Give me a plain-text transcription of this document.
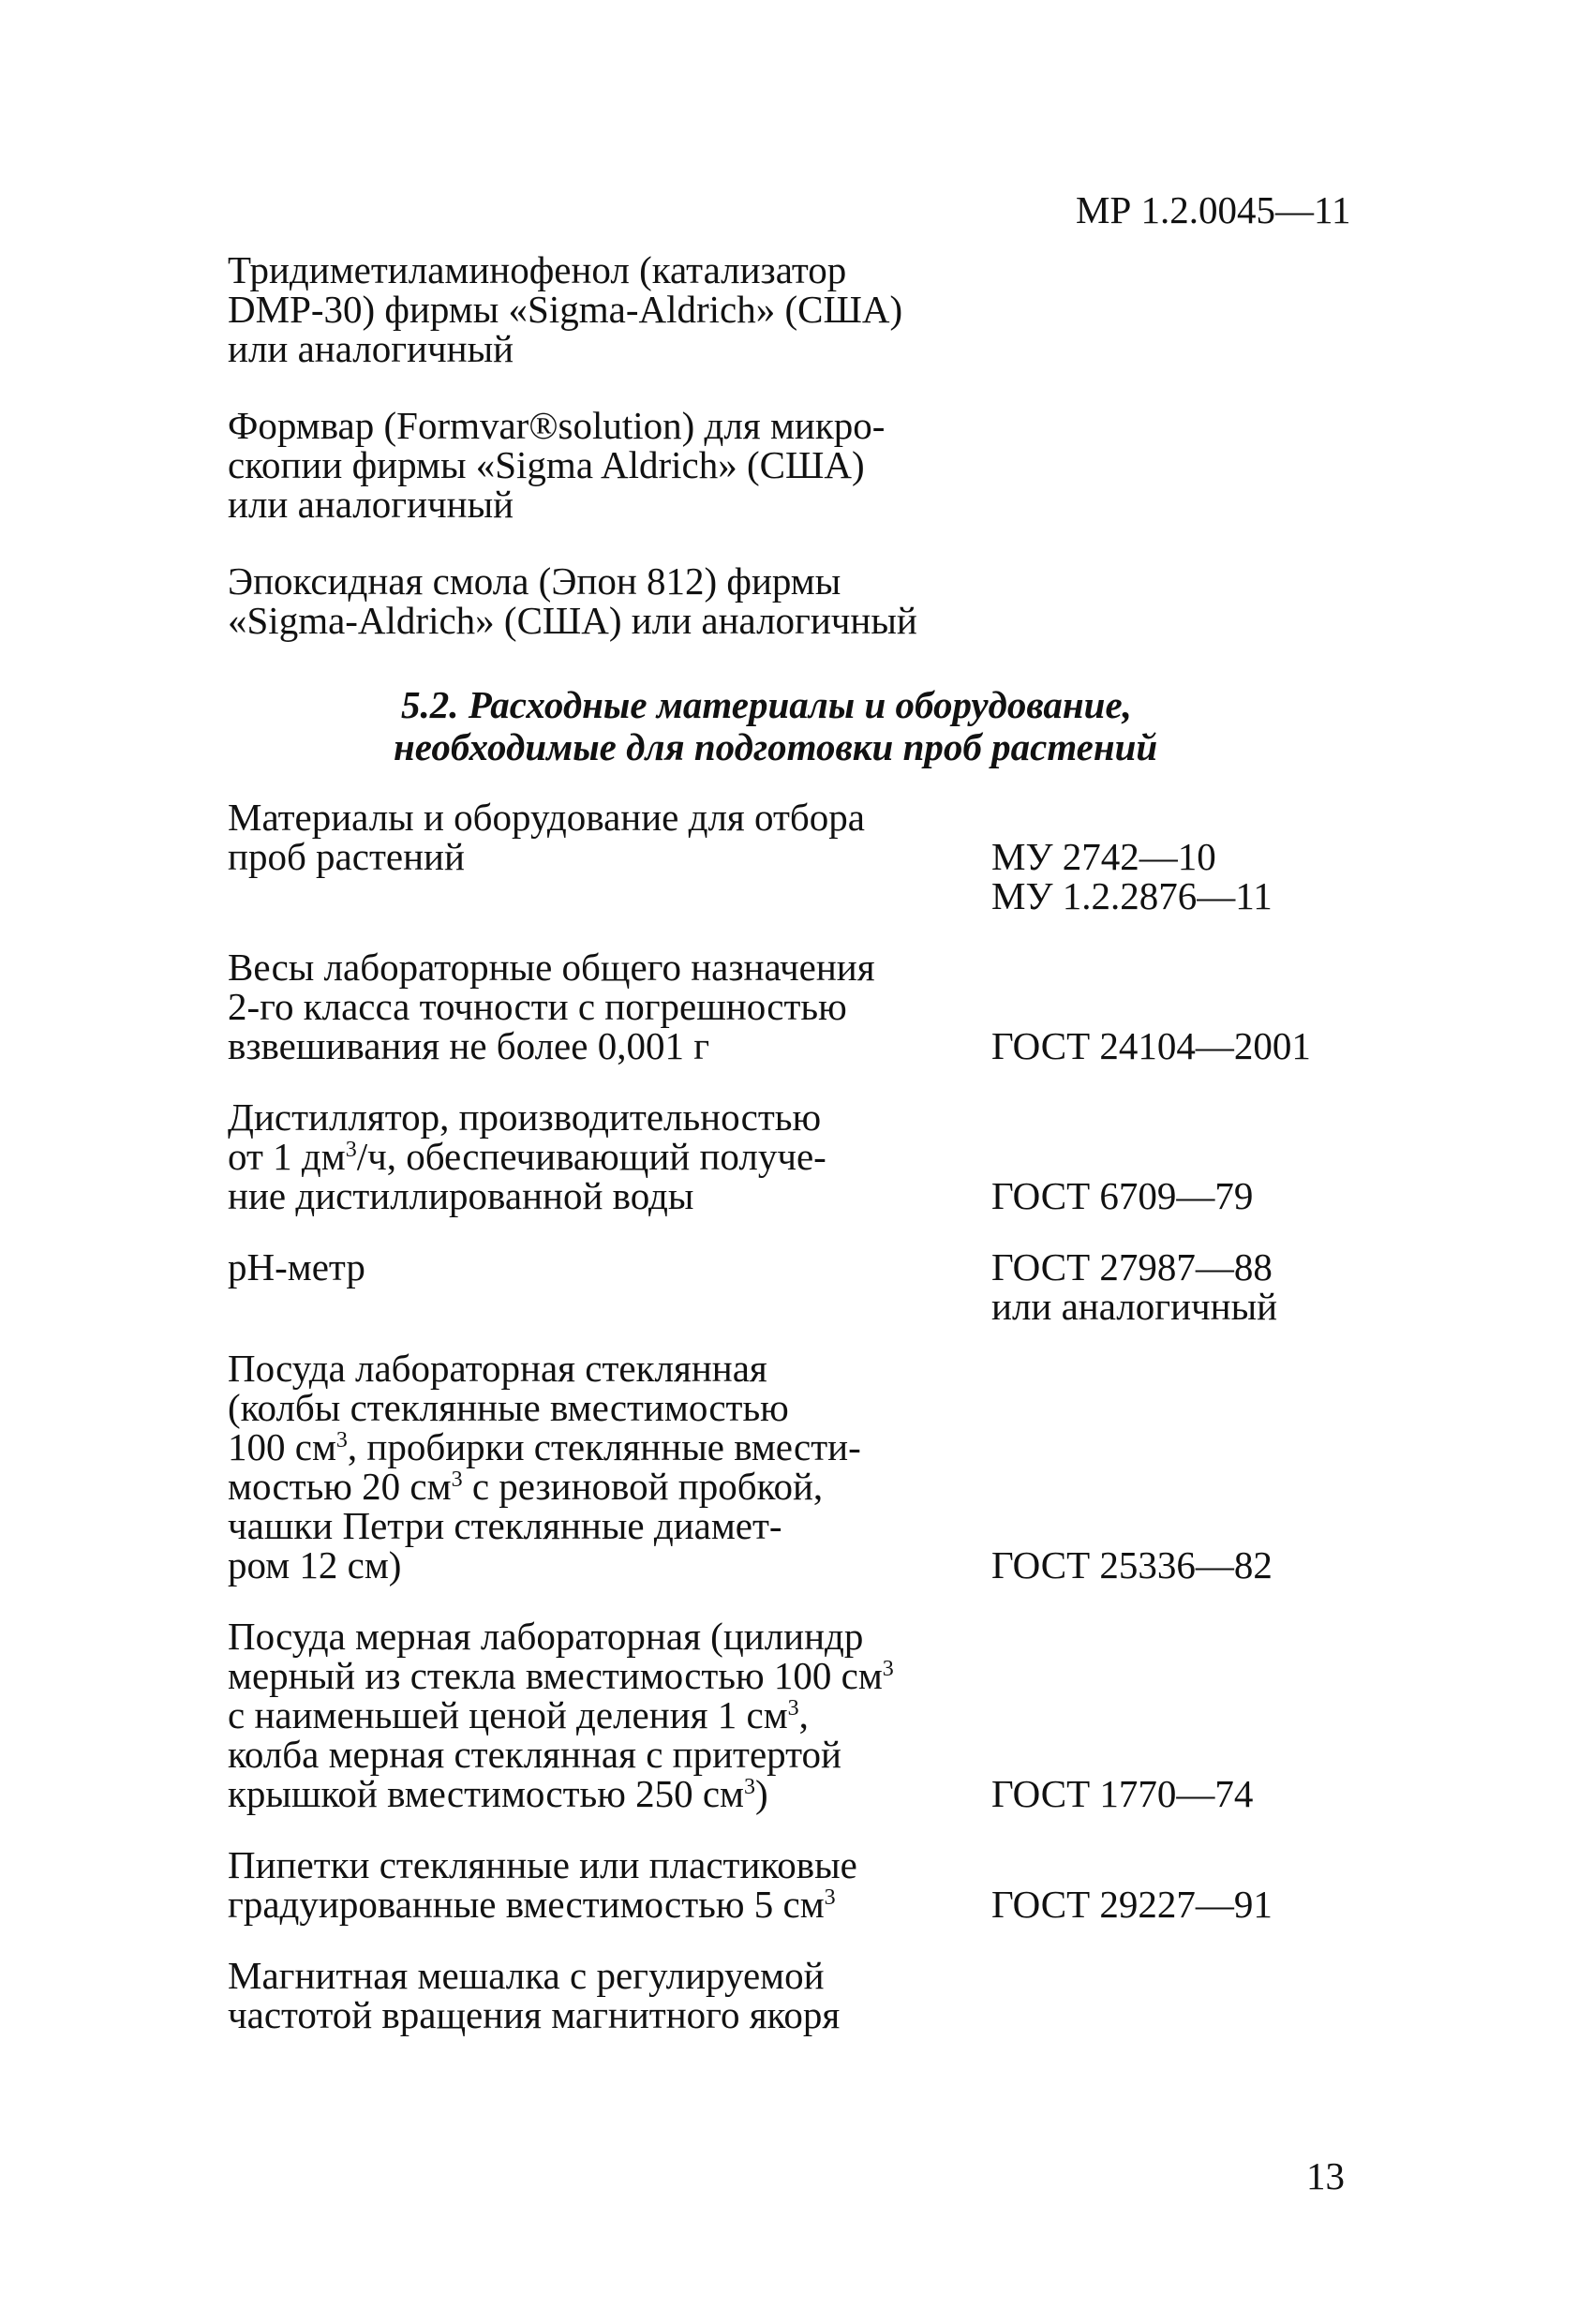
МР 1.2.0045—11
Тридиметиламинофенол (катализатор
DMP-30) фирмы «Sigma-Aldrich» (США)
или аналогичный
Формвар (Formvar®solution) для микро-
скопии фирмы «Sigma Aldrich» (США)
или аналогичный
Эпоксидная смола (Эпон 812) фирмы
«Sigma-Aldrich» (США) или аналогичный
5.2. Расходные материалы и оборудование,
необходимые для подготовки проб растений
Материалы и оборудование для отбора
проб растений	МУ 2742—10
МУ 1.2.2876—11
Весы лабораторные общего назначения
2-го класса точности с погрешностью
взвешивания не более 0,001 г	ГОСТ 24104—2001
Дистиллятор, производительностью
от 1 $дм^3/ч$, обеспечивающий получе-
ние дистиллированной воды	ГОСТ 6709—79
рН-метр	ГОСТ 27987—88
или аналогичный
Посуда лабораторная стеклянная
(колбы стеклянные вместимостью
100 $см^3$, пробирки стеклянные вмести-
мостью 20 $см^3$ с резиновой пробкой,
чашки Петри стеклянные диамет-
ром 12 см)	ГОСТ 25336—82
Посуда мерная лабораторная (цилиндр
мерный из стекла вместимостью 100 $см^3$
с наименьшей ценой деления 1 $см^3$,
колба мерная стеклянная с притертой
крышкой вместимостью 250 $см^3$)	ГОСТ 1770—74
Пипетки стеклянные или пластиковые
градуированные вместимостью 5 $см^3$	ГОСТ 29227—91
Магнитная мешалка с регулируемой
частотой вращения магнитного якоря
13
